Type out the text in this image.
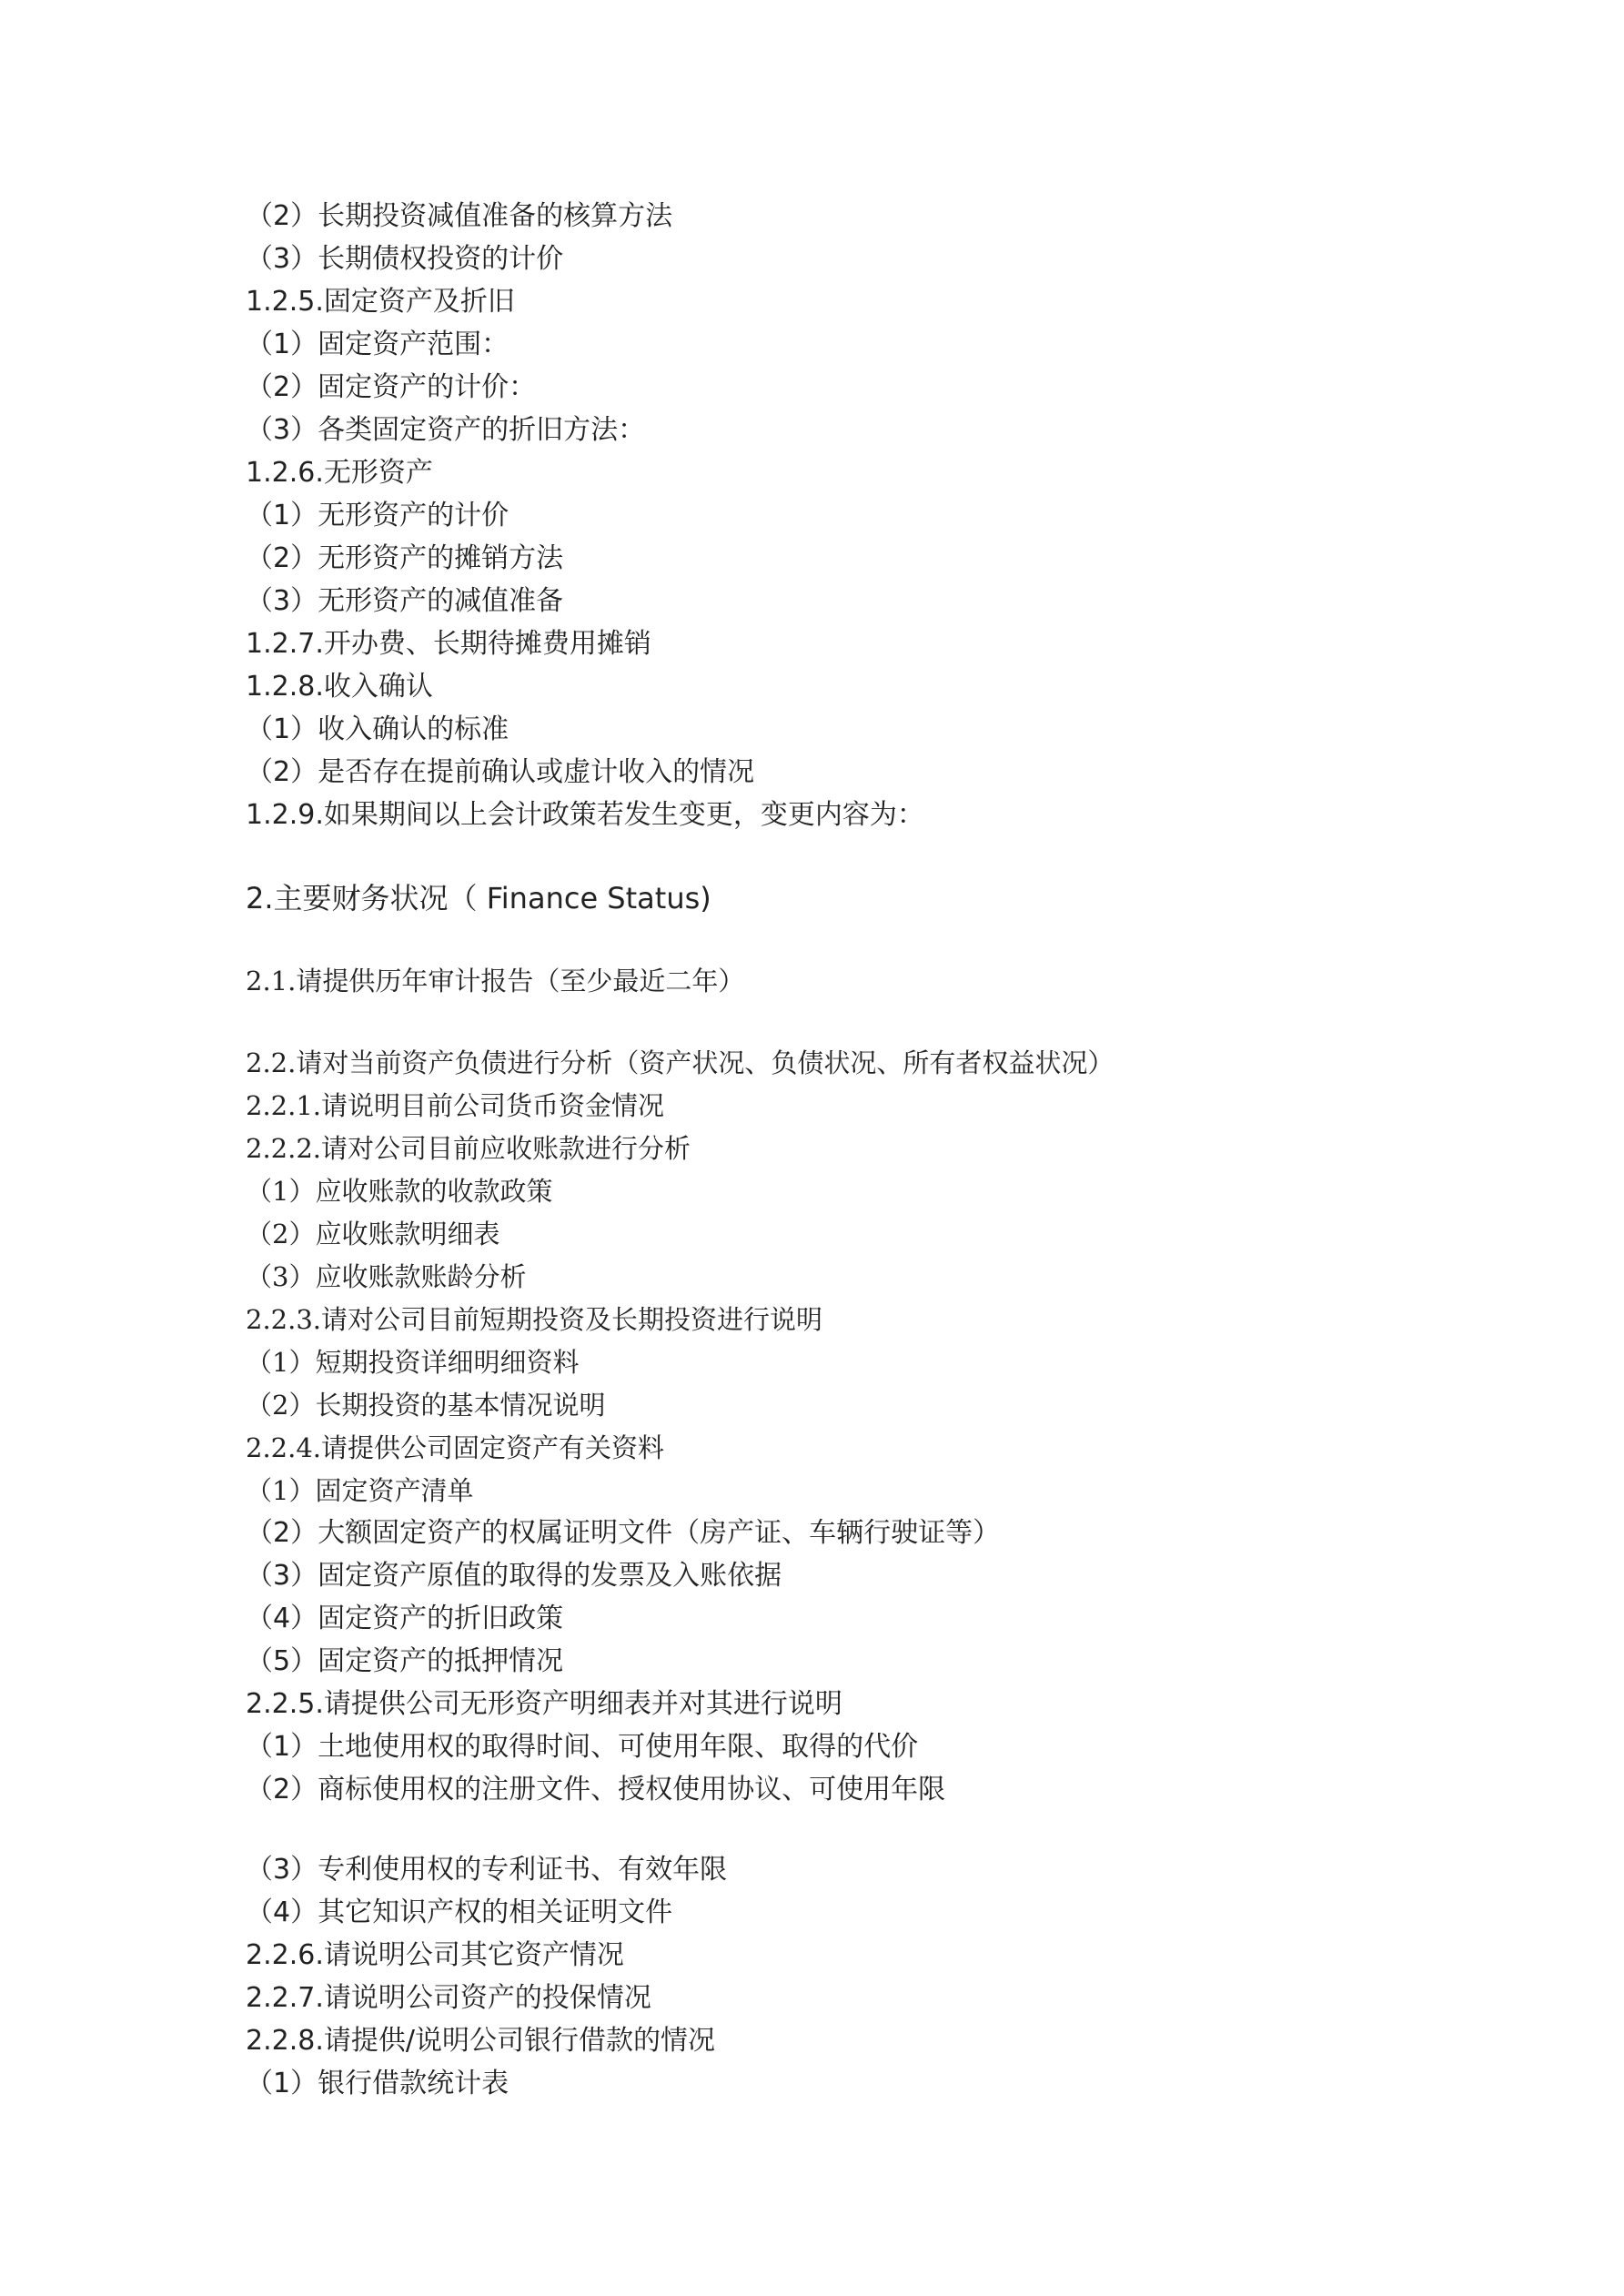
（2）长期投资减值准备的核算方法
（3）长期债权投资的计价
1.2.5.固定资产及折旧
（1）固定资产范围：
（2）固定资产的计价：
（3）各类固定资产的折旧方法：
1.2.6.无形资产
（1）无形资产的计价
（2）无形资产的摊销方法
（3）无形资产的减值准备
1.2.7.开办费、长期待摊费用摊销
1.2.8.收入确认
（1）收入确认的标准
（2）是否存在提前确认或虚计收入的情况
1.2.9.如果期间以上会计政策若发生变更，变更内容为：
2.主要财务状况（ Finance Status)
2.1.请提供历年审计报告（至少最近二年）
2.2.请对当前资产负债进行分析（资产状况、负债状况、所有者权益状况）
2.2.1.请说明目前公司货币资金情况
2.2.2.请对公司目前应收账款进行分析
（1）应收账款的收款政策
（2）应收账款明细表
（3）应收账款账龄分析
2.2.3.请对公司目前短期投资及长期投资进行说明
（1）短期投资详细明细资料
（2）长期投资的基本情况说明
2.2.4.请提供公司固定资产有关资料
（1）固定资产清单
（2）大额固定资产的权属证明文件（房产证、车辆行驶证等）
（3）固定资产原值的取得的发票及入账依据
（4）固定资产的折旧政策
（5）固定资产的抵押情况
2.2.5.请提供公司无形资产明细表并对其进行说明
（1）土地使用权的取得时间、可使用年限、取得的代价
（2）商标使用权的注册文件、授权使用协议、可使用年限
（3）专利使用权的专利证书、有效年限
（4）其它知识产权的相关证明文件
2.2.6.请说明公司其它资产情况
2.2.7.请说明公司资产的投保情况
2.2.8.请提供/说明公司银行借款的情况
（1）银行借款统计表
